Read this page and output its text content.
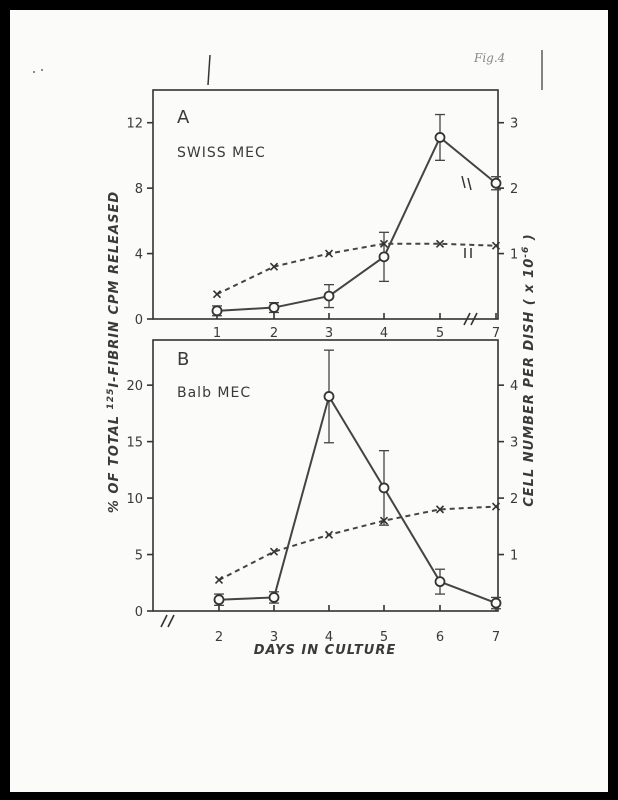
Fig.4
A
SWISS MEC
0
4
8
12
1
2
3
1	2	3	4	5	7
B
Balb MEC
0
5
10
15
20
1
2
3
4
2	3	4	5	6	7
% OF TOTAL $^{125}$I-FIBRIN CPM RELEASED	CELL NUMBER PER DISH ( x $10^{-6}$ )
DAYS IN CULTURE
